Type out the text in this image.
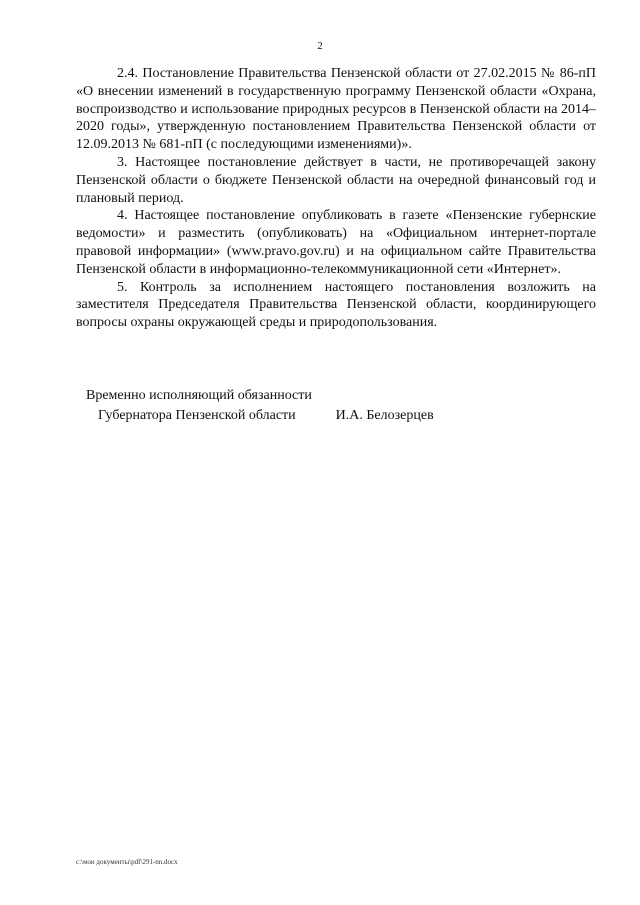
2

2.4. Постановление Правительства Пензенской области от 27.02.2015 № 86-пП «О внесении изменений в государственную программу Пензенской области «Охрана, воспроизводство и использование природных ресурсов в Пензенской области на 2014–2020 годы», утвержденную постановлением Правительства Пензенской области от 12.09.2013 № 681-пП (с последующими изменениями)».

3. Настоящее постановление действует в части, не противоречащей закону Пензенской области о бюджете Пензенской области на очередной финансовый год и плановый период.

4. Настоящее постановление опубликовать в газете «Пензенские губернские ведомости» и разместить (опубликовать) на «Официальном интернет-портале правовой информации» (www.pravo.gov.ru) и на официальном сайте Правительства Пензенской области в информационно-телекоммуникационной сети «Интернет».

5. Контроль за исполнением настоящего постановления возложить на заместителя Председателя Правительства Пензенской области, координирующего вопросы охраны окружающей среды и природопользования.

Временно исполняющий обязанности
Губернатора Пензенской области	И.А. Белозерцев
c:\мои документы\pdf\291-nn.docx
